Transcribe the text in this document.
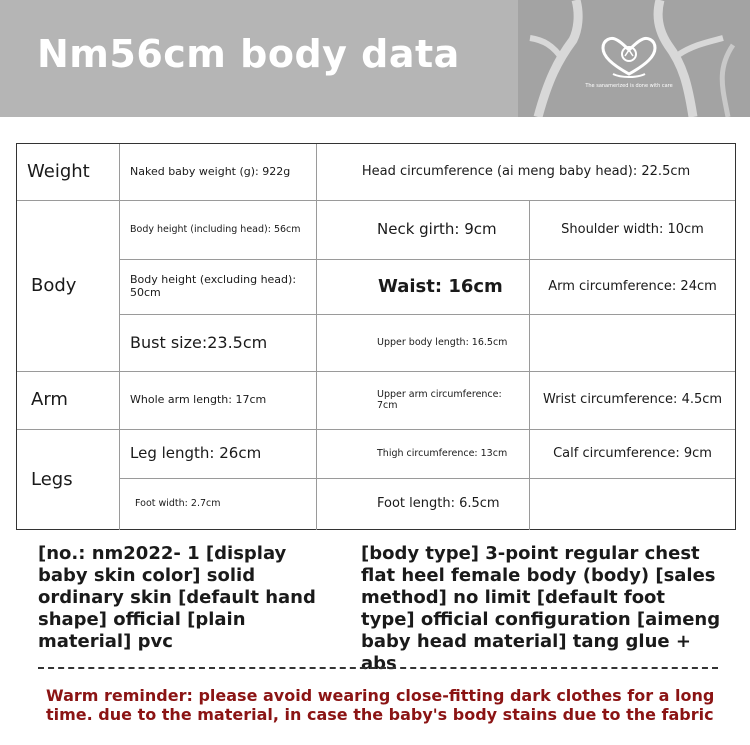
Nm56cm body data
The sanamerized is done with care
Weight	Naked baby weight (g): 922g	Head circumference (ai meng baby head): 22.5cm
Body
Body height (including head): 56cm	Neck girth: 9cm	Shoulder width: 10cm
Body height (excluding head): 50cm	Waist: 16cm	Arm circumference: 24cm
Bust size:23.5cm	Upper body length: 16.5cm
Arm	Whole arm length: 17cm	Upper arm circumference: 7cm	Wrist circumference: 4.5cm
Legs
Leg length: 26cm	Thigh circumference: 13cm	Calf circumference: 9cm
Foot width: 2.7cm	Foot length: 6.5cm
[no.: nm2022- 1 [display baby skin color] solid ordinary skin [default hand shape] official [plain material] pvc
[body type] 3-point regular chest flat heel female body (body) [sales method] no limit [default foot type] official configuration [aimeng baby head material] tang glue + abs
Warm reminder: please avoid wearing close-fitting dark clothes for a long time. due to the material, in case the baby's body stains due to the fabric
